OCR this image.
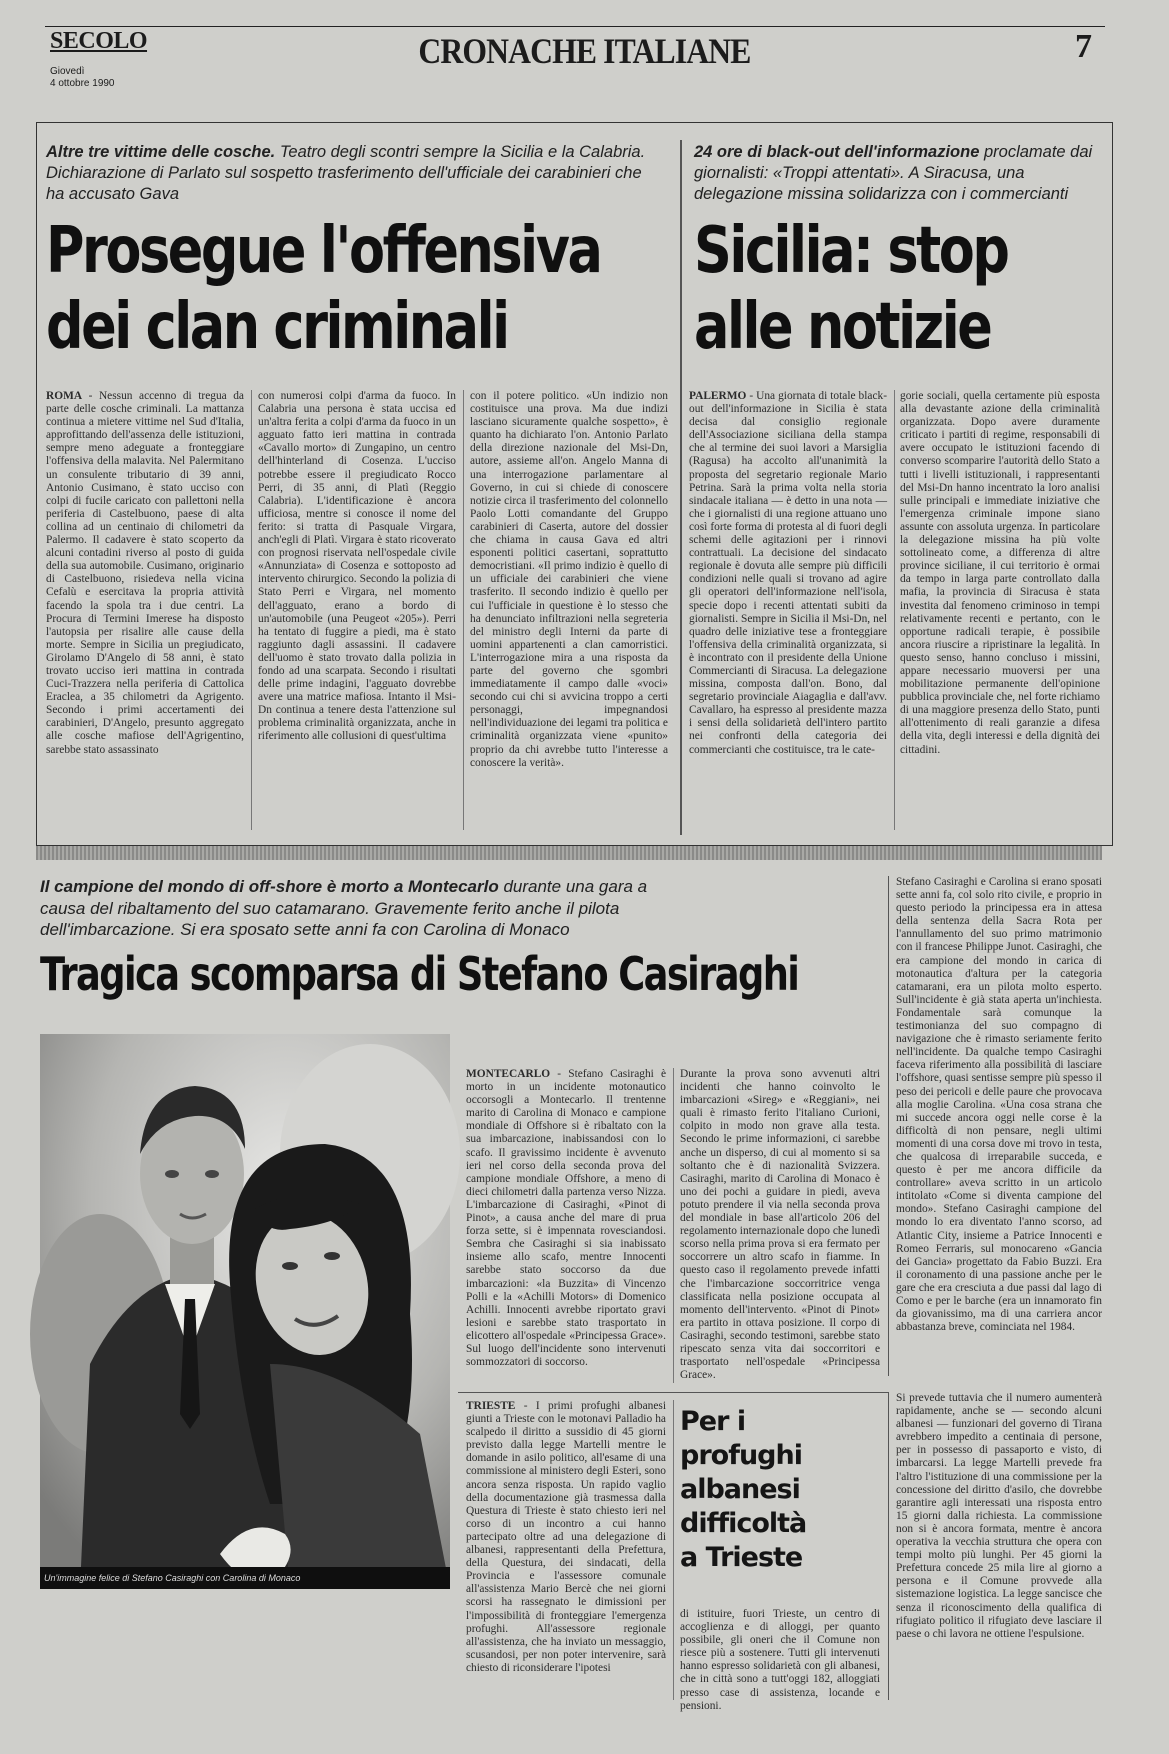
SECOLO
Giovedì
4 ottobre 1990
CRONACHE ITALIANE	7
Altre tre vittime delle cosche. Teatro degli scontri sempre la Sicilia e la Calabria. Dichiarazione di Parlato sul sospetto trasferimento dell'ufficiale dei carabinieri che ha accusato Gava
Prosegue l'offensiva
dei clan criminali

ROMA - Nessun accenno di tregua da parte delle cosche criminali. La mattanza continua a mietere vittime nel Sud d'Italia, approfittando dell'assenza delle istituzioni, sempre meno adeguate a fronteggiare l'offensiva della malavita. Nel Palermitano un consulente tributario di 39 anni, Antonio Cusimano, è stato ucciso con colpi di fucile caricato con pallettoni nella periferia di Castelbuono, paese di alta collina ad un centinaio di chilometri da Palermo. Il cadavere è stato scoperto da alcuni contadini riverso al posto di guida della sua automobile. Cusimano, originario di Castelbuono, risiedeva nella vicina Cefalù e esercitava la propria attività facendo la spola tra i due centri. La Procura di Termini Imerese ha disposto l'autopsia per risalire alle cause della morte. Sempre in Sicilia un pregiudicato, Girolamo D'Angelo di 58 anni, è stato trovato ucciso ieri mattina in contrada Cuci-Trazzera nella periferia di Cattolica Eraclea, a 35 chilometri da Agrigento. Secondo i primi accertamenti dei carabinieri, D'Angelo, presunto aggregato alle cosche mafiose dell'Agrigentino, sarebbe stato assassinato

con numerosi colpi d'arma da fuoco. In Calabria una persona è stata uccisa ed un'altra ferita a colpi d'arma da fuoco in un agguato fatto ieri mattina in contrada «Cavallo morto» di Zungapino, un centro dell'hinterland di Cosenza. L'ucciso potrebbe essere il pregiudicato Rocco Perri, di 35 anni, di Platì (Reggio Calabria). L'identificazione è ancora ufficiosa, mentre si conosce il nome del ferito: si tratta di Pasquale Virgara, anch'egli di Platì. Virgara è stato ricoverato con prognosi riservata nell'ospedale civile «Annunziata» di Cosenza e sottoposto ad intervento chirurgico. Secondo la polizia di Stato Perri e Virgara, nel momento dell'agguato, erano a bordo di un'automobile (una Peugeot «205»). Perri ha tentato di fuggire a piedi, ma è stato raggiunto dagli assassini. Il cadavere dell'uomo è stato trovato dalla polizia in fondo ad una scarpata. Secondo i risultati delle prime indagini, l'agguato dovrebbe avere una matrice mafiosa. Intanto il Msi-Dn continua a tenere desta l'attenzione sul problema criminalità organizzata, anche in riferimento alle collusioni di quest'ultima

con il potere politico. «Un indizio non costituisce una prova. Ma due indizi lasciano sicuramente qualche sospetto», è quanto ha dichiarato l'on. Antonio Parlato della direzione nazionale del Msi-Dn, autore, assieme all'on. Angelo Manna di una interrogazione parlamentare al Governo, in cui si chiede di conoscere notizie circa il trasferimento del colonnello Paolo Lotti comandante del Gruppo carabinieri di Caserta, autore del dossier che chiama in causa Gava ed altri esponenti politici casertani, soprattutto democristiani. «Il primo indizio è quello di un ufficiale dei carabinieri che viene trasferito. Il secondo indizio è quello per cui l'ufficiale in questione è lo stesso che ha denunciato infiltrazioni nella segreteria del ministro degli Interni da parte di uomini appartenenti a clan camorristici. L'interrogazione mira a una risposta da parte del governo che sgombri immediatamente il campo dalle «voci» secondo cui chi si avvicina troppo a certi personaggi, impegnandosi nell'individuazione dei legami tra politica e criminalità organizzata viene «punito» proprio da chi avrebbe tutto l'interesse a conoscere la verità».

24 ore di black-out dell'informazione proclamate dai giornalisti: «Troppi attentati». A Siracusa, una delegazione missina solidarizza con i commercianti
Sicilia: stop
alle notizie

PALERMO - Una giornata di totale black-out dell'informazione in Sicilia è stata decisa dal consiglio regionale dell'Associazione siciliana della stampa che al termine dei suoi lavori a Marsiglia (Ragusa) ha accolto all'unanimità la proposta del segretario regionale Mario Petrina. Sarà la prima volta nella storia sindacale italiana — è detto in una nota — che i giornalisti di una regione attuano uno così forte forma di protesta al di fuori degli schemi delle agitazioni per i rinnovi contrattuali. La decisione del sindacato regionale è dovuta alle sempre più difficili condizioni nelle quali si trovano ad agire gli operatori dell'informazione nell'isola, specie dopo i recenti attentati subiti da giornalisti. Sempre in Sicilia il Msi-Dn, nel quadro delle iniziative tese a fronteggiare l'offensiva della criminalità organizzata, si è incontrato con il presidente della Unione Commercianti di Siracusa. La delegazione missina, composta dall'on. Bono, dal segretario provinciale Aiagaglia e dall'avv. Cavallaro, ha espresso al presidente mazza i sensi della solidarietà dell'intero partito nei confronti della categoria dei commercianti che costituisce, tra le cate-

gorie sociali, quella certamente più esposta alla devastante azione della criminalità organizzata. Dopo avere duramente criticato i partiti di regime, responsabili di avere occupato le istituzioni facendo di converso scomparire l'autorità dello Stato a tutti i livelli istituzionali, i rappresentanti del Msi-Dn hanno incentrato la loro analisi sulle principali e immediate iniziative che l'emergenza criminale impone siano assunte con assoluta urgenza. In particolare la delegazione missina ha più volte sottolineato come, a differenza di altre province siciliane, il cui territorio è ormai da tempo in larga parte controllato dalla mafia, la provincia di Siracusa è stata investita dal fenomeno criminoso in tempi relativamente recenti e pertanto, con le opportune radicali terapie, è possibile ancora riuscire a ripristinare la legalità. In questo senso, hanno concluso i missini, appare necessario muoversi per una mobilitazione permanente dell'opinione pubblica provinciale che, nel forte richiamo di una maggiore presenza dello Stato, punti all'ottenimento di reali garanzie a difesa della vita, degli interessi e della dignità dei cittadini.

Il campione del mondo di off-shore è morto a Montecarlo durante una gara a causa del ribaltamento del suo catamarano. Gravemente ferito anche il pilota dell'imbarcazione. Si era sposato sette anni fa con Carolina di Monaco
Tragica scomparsa di Stefano Casiraghi

Stefano Casiraghi e Carolina si erano sposati sette anni fa, col solo rito civile, e proprio in questo periodo la principessa era in attesa della sentenza della Sacra Rota per l'annullamento del suo primo matrimonio con il francese Philippe Junot. Casiraghi, che era campione del mondo in carica di motonautica d'altura per la categoria catamarani, era un pilota molto esperto. Sull'incidente è già stata aperta un'inchiesta. Fondamentale sarà comunque la testimonianza del suo compagno di navigazione che è rimasto seriamente ferito nell'incidente. Da qualche tempo Casiraghi faceva riferimento alla possibilità di lasciare l'offshore, quasi sentisse sempre più spesso il peso dei pericoli e delle paure che provocava alla moglie Carolina. «Una cosa strana che mi succede ancora oggi nelle corse è la difficoltà di non pensare, negli ultimi momenti di una corsa dove mi trovo in testa, che qualcosa di irreparabile succeda, e questo è per me ancora difficile da controllare» aveva scritto in un articolo intitolato «Come si diventa campione del mondo». Stefano Casiraghi campione del mondo lo era diventato l'anno scorso, ad Atlantic City, insieme a Patrice Innocenti e Romeo Ferraris, sul monocareno «Gancia dei Gancia» progettato da Fabio Buzzi. Era il coronamento di una passione anche per le gare che era cresciuta a due passi dal lago di Como e per le barche (era un innamorato fin da giovanissimo, ma di una carriera ancor abbastanza breve, cominciata nel 1984.

Un'immagine felice di Stefano Casiraghi con Carolina di Monaco

MONTECARLO - Stefano Casiraghi è morto in un incidente motonautico occorsogli a Montecarlo. Il trentenne marito di Carolina di Monaco e campione mondiale di Offshore si è ribaltato con la sua imbarcazione, inabissandosi con lo scafo. Il gravissimo incidente è avvenuto ieri nel corso della seconda prova del campione mondiale Offshore, a meno di dieci chilometri dalla partenza verso Nizza. L'imbarcazione di Casiraghi, «Pinot di Pinot», a causa anche del mare di prua forza sette, si è impennata rovesciandosi. Sembra che Casiraghi si sia inabissato insieme allo scafo, mentre Innocenti sarebbe stato soccorso da due imbarcazioni: «la Buzzita» di Vincenzo Polli e la «Achilli Motors» di Domenico Achilli. Innocenti avrebbe riportato gravi lesioni e sarebbe stato trasportato in elicottero all'ospedale «Principessa Grace». Sul luogo dell'incidente sono intervenuti sommozzatori di soccorso.

Durante la prova sono avvenuti altri incidenti che hanno coinvolto le imbarcazioni «Sireg» e «Reggiani», nei quali è rimasto ferito l'italiano Curioni, colpito in modo non grave alla testa. Secondo le prime informazioni, ci sarebbe anche un disperso, di cui al momento si sa soltanto che è di nazionalità Svizzera. Casiraghi, marito di Carolina di Monaco è uno dei pochi a guidare in piedi, aveva potuto prendere il via nella seconda prova del mondiale in base all'articolo 206 del regolamento internazionale dopo che lunedì scorso nella prima prova si era fermato per soccorrere un altro scafo in fiamme. In questo caso il regolamento prevede infatti che l'imbarcazione soccorritrice venga classificata nella posizione occupata al momento dell'intervento. «Pinot di Pinot» era partito in ottava posizione. Il corpo di Casiraghi, secondo testimoni, sarebbe stato ripescato senza vita dai soccorritori e trasportato nell'ospedale «Principessa Grace».

TRIESTE - I primi profughi albanesi giunti a Trieste con le motonavi Palladio ha scalpedo il diritto a sussidio di 45 giorni previsto dalla legge Martelli mentre le domande in asilo politico, all'esame di una commissione al ministero degli Esteri, sono ancora senza risposta. Un rapido vaglio della documentazione già trasmessa dalla Questura di Trieste è stato chiesto ieri nel corso di un incontro a cui hanno partecipato oltre ad una delegazione di albanesi, rappresentanti della Prefettura, della Questura, dei sindacati, della Provincia e l'assessore comunale all'assistenza Mario Bercè che nei giorni scorsi ha rassegnato le dimissioni per l'impossibilità di fronteggiare l'emergenza profughi. All'assessore regionale all'assistenza, che ha inviato un messaggio, scusandosi, per non poter intervenire, sarà chiesto di riconsiderare l'ipotesi

Per i profughi albanesi difficoltà a Trieste

di istituire, fuori Trieste, un centro di accoglienza e di alloggi, per quanto possibile, gli oneri che il Comune non riesce più a sostenere. Tutti gli intervenuti hanno espresso solidarietà con gli albanesi, che in città sono a tutt'oggi 182, alloggiati presso case di assistenza, locande e pensioni.

Si prevede tuttavia che il numero aumenterà rapidamente, anche se — secondo alcuni albanesi — funzionari del governo di Tirana avrebbero impedito a centinaia di persone, per in possesso di passaporto e visto, di imbarcarsi. La legge Martelli prevede fra l'altro l'istituzione di una commissione per la concessione del diritto d'asilo, che dovrebbe garantire agli interessati una risposta entro 15 giorni dalla richiesta. La commissione non si è ancora formata, mentre è ancora operativa la vecchia struttura che opera con tempi molto più lunghi. Per 45 giorni la Prefettura concede 25 mila lire al giorno a persona e il Comune provvede alla sistemazione logistica. La legge sancisce che senza il riconoscimento della qualifica di rifugiato politico il rifugiato deve lasciare il paese o chi lavora ne ottiene l'espulsione.
